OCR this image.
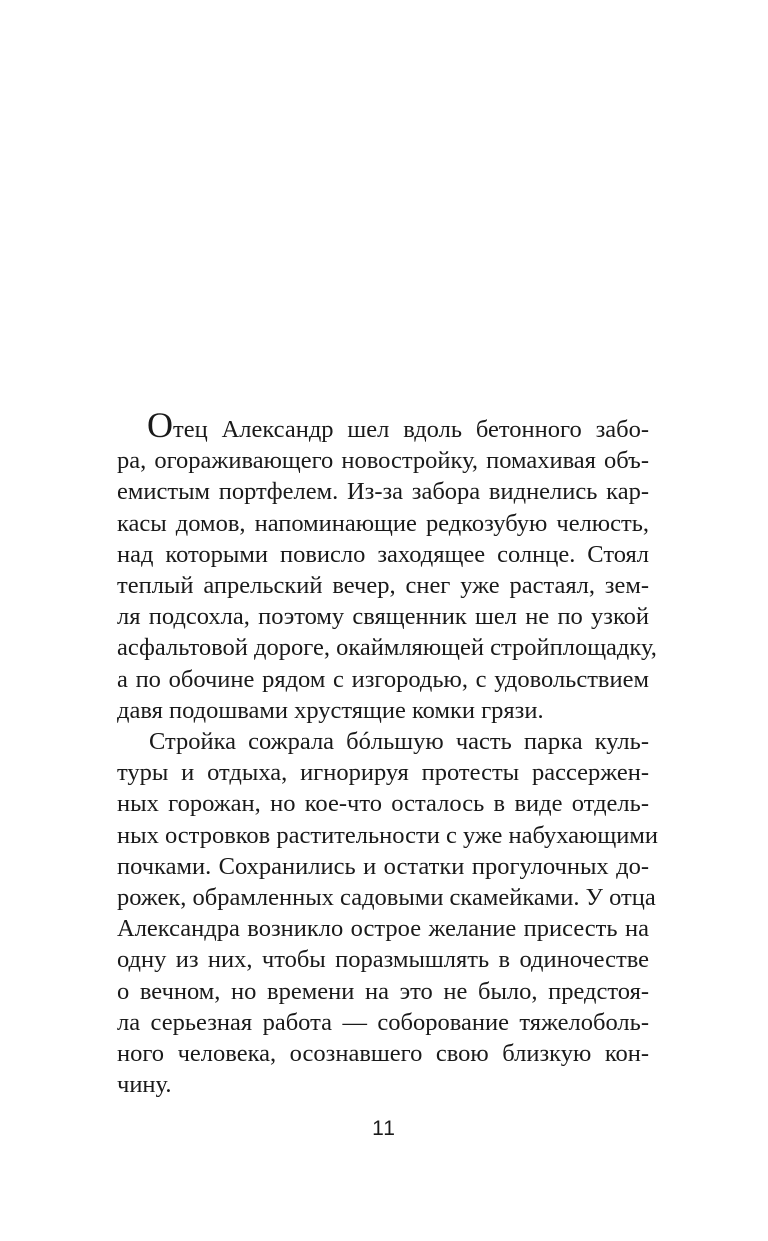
Отец Александр шел вдоль бетонного забо-
ра, огораживающего новостройку, помахивая объ-
емистым портфелем. Из-за забора виднелись кар-
касы домов, напоминающие редкозубую челюсть,
над которыми повисло заходящее солнце. Стоял
теплый апрельский вечер, снег уже растаял, зем-
ля подсохла, поэтому священник шел не по узкой
асфальтовой дороге, окаймляющей стройплощадку,
а по обочине рядом с изгородью, с удовольствием
давя подошвами хрустящие комки грязи.
Стройка сожрала бóльшую часть парка куль-
туры и отдыха, игнорируя протесты рассержен-
ных горожан, но кое-что осталось в виде отдель-
ных островков растительности с уже набухающими
почками. Сохранились и остатки прогулочных до-
рожек, обрамленных садовыми скамейками. У отца
Александра возникло острое желание присесть на
одну из них, чтобы поразмышлять в одиночестве
о вечном, но времени на это не было, предстоя-
ла серьезная работа — соборование тяжелоболь-
ного человека, осознавшего свою близкую кон-
чину.
11
